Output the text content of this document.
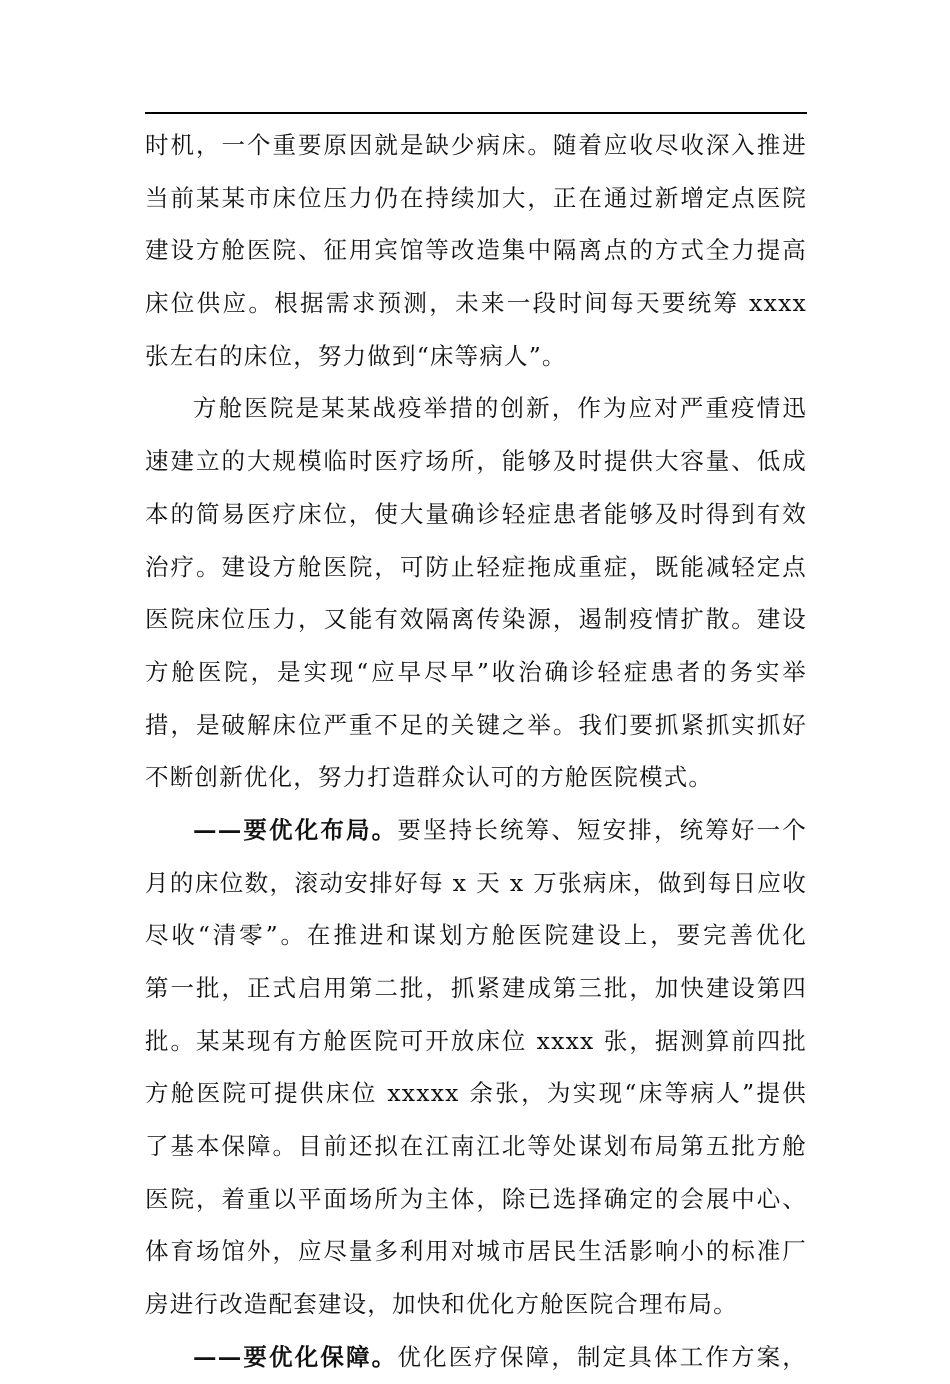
时机，一个重要原因就是缺少病床。随着应收尽收深入推进
当前某某市床位压力仍在持续加大，正在通过新增定点医院
建设方舱医院、征用宾馆等改造集中隔离点的方式全力提高
床位供应。根据需求预测，未来一段时间每天要统筹 xxxx
张左右的床位，努力做到“床等病人”。
方舱医院是某某战疫举措的创新，作为应对严重疫情迅
速建立的大规模临时医疗场所，能够及时提供大容量、低成
本的简易医疗床位，使大量确诊轻症患者能够及时得到有效
治疗。建设方舱医院，可防止轻症拖成重症，既能减轻定点
医院床位压力，又能有效隔离传染源，遏制疫情扩散。建设
方舱医院，是实现“应早尽早”收治确诊轻症患者的务实举
措，是破解床位严重不足的关键之举。我们要抓紧抓实抓好
不断创新优化，努力打造群众认可的方舱医院模式。
——要优化布局。要坚持长统筹、短安排，统筹好一个
月的床位数，滚动安排好每 x 天 x 万张病床，做到每日应收
尽收“清零”。在推进和谋划方舱医院建设上，要完善优化
第一批，正式启用第二批，抓紧建成第三批，加快建设第四
批。某某现有方舱医院可开放床位 xxxx 张，据测算前四批
方舱医院可提供床位 xxxxx 余张，为实现“床等病人”提供
了基本保障。目前还拟在江南江北等处谋划布局第五批方舱
医院，着重以平面场所为主体，除已选择确定的会展中心、
体育场馆外，应尽量多利用对城市居民生活影响小的标准厂
房进行改造配套建设，加快和优化方舱医院合理布局。
——要优化保障。优化医疗保障，制定具体工作方案，
